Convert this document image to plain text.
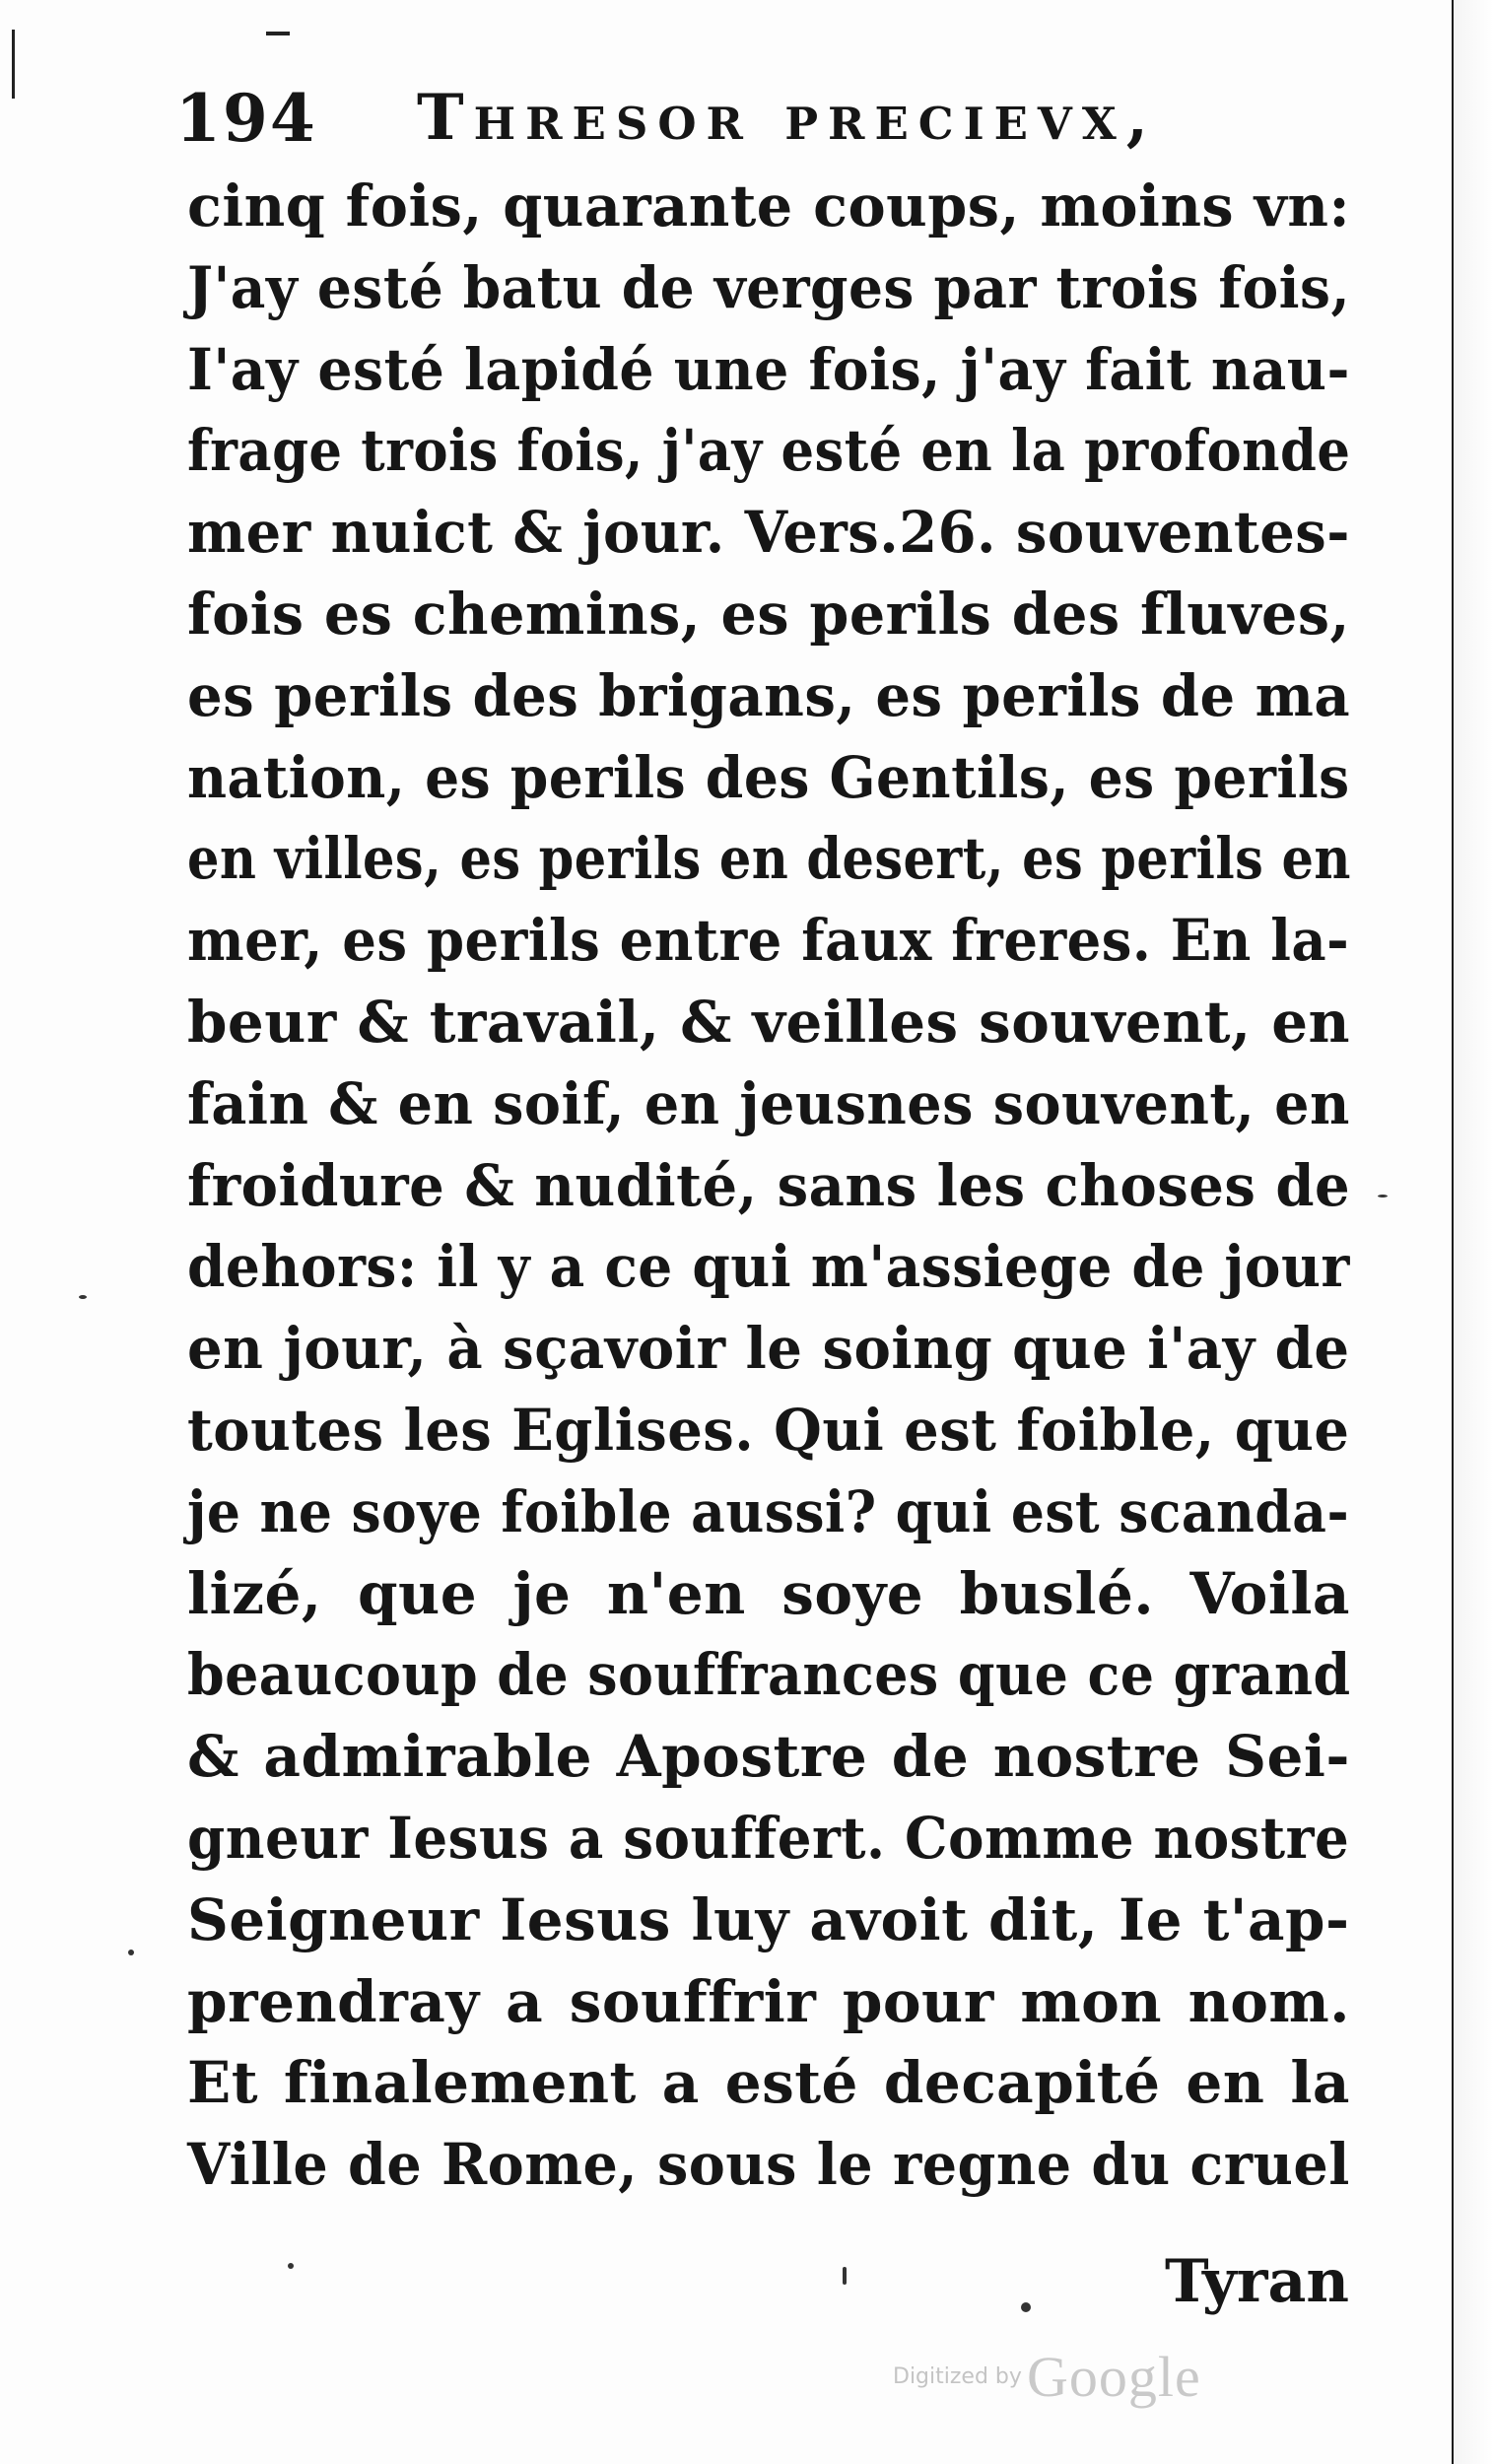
194 Thresor precievx,
cinq fois, quarante coups, moins vn:
J'ay esté batu de verges par trois fois,
I'ay esté lapidé une fois, j'ay fait nau-
frage trois fois, j'ay esté en la profonde
mer nuict & jour. Vers.26. souventes-
fois es chemins, es perils des fluves,
es perils des brigans, es perils de ma
nation, es perils des Gentils, es perils
en villes, es perils en desert, es perils en
mer, es perils entre faux freres. En la-
beur & travail, & veilles souvent, en
fain & en soif, en jeusnes souvent, en
froidure & nudité, sans les choses de
dehors: il y a ce qui m'assiege de jour
en jour, à sçavoir le soing que i'ay de
toutes les Eglises. Qui est foible, que
je ne soye foible aussi? qui est scanda-
lizé, que je n'en soye buslé. Voila
beaucoup de souffrances que ce grand
& admirable Apostre de nostre Sei-
gneur Iesus a souffert. Comme nostre
Seigneur Iesus luy avoit dit, Ie t'ap-
prendray a souffrir pour mon nom.
Et finalement a esté decapité en la
Ville de Rome, sous le regne du cruel
Tyran
Digitized by Google
